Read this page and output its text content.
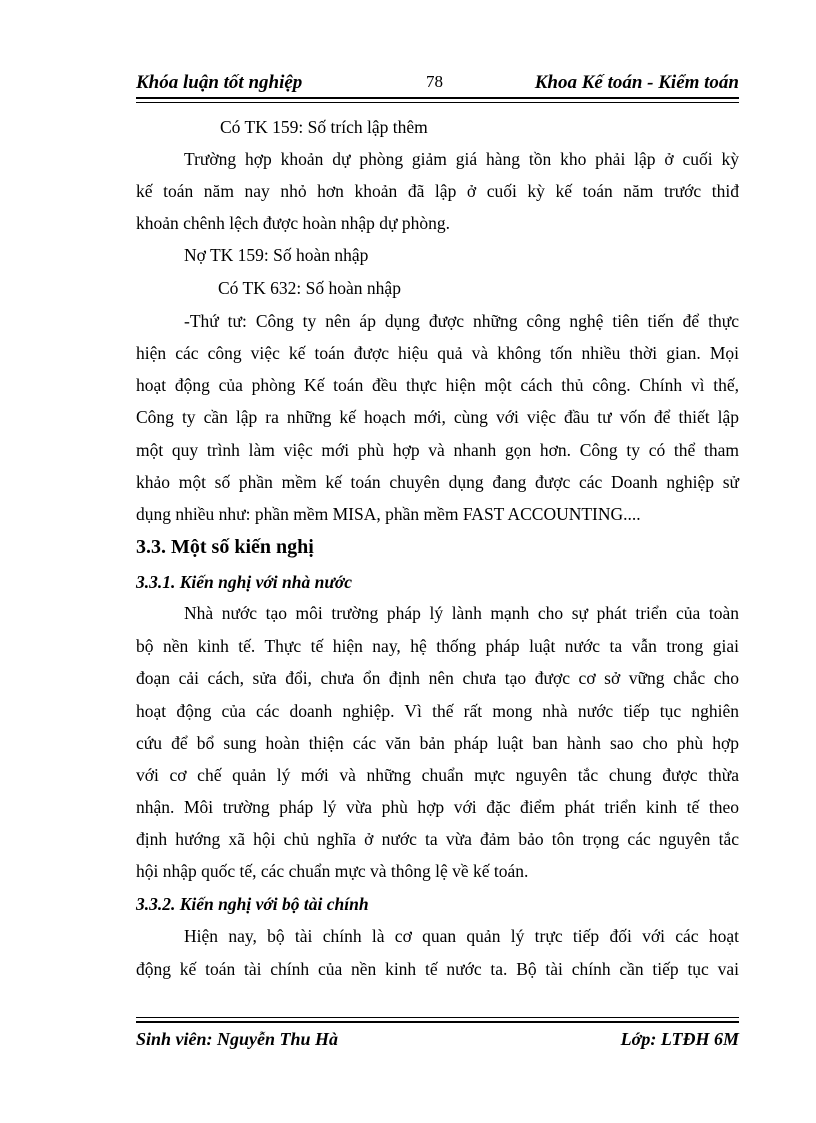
Khóa luận tốt nghiệp	78	Khoa Kế toán - Kiểm toán
Có TK 159: Số trích lập thêm
Trường hợp khoản dự phòng giảm giá hàng tồn kho phải lập ở cuối kỳ
kế toán năm nay nhỏ hơn khoản đã lập ở cuối kỳ kế toán năm trước thiđ
khoản chênh lệch được hoàn nhập dự phòng.
Nợ TK 159: Số hoàn nhập
Có TK 632: Số hoàn nhập
-Thứ tư: Công ty nên áp dụng được những công nghệ tiên tiến để thực
hiện các công việc kế toán được hiệu quả và không tốn nhiều thời gian. Mọi
hoạt động của phòng Kế toán đều thực hiện một cách thủ công. Chính vì thế,
Công ty cần lập ra những kế hoạch mới, cùng với việc đầu tư vốn để thiết lập
một quy trình làm việc mới phù hợp và nhanh gọn hơn. Công ty có thể tham
khảo một số phần mềm kế toán chuyên dụng đang được các Doanh nghiệp sử
dụng nhiều như: phần mềm MISA, phần mềm FAST ACCOUNTING....
3.3. Một số kiến nghị
3.3.1. Kiến nghị với nhà nước
Nhà nước tạo môi trường pháp lý lành mạnh cho sự phát triển của toàn
bộ nền kinh tế. Thực tế hiện nay, hệ thống pháp luật nước ta vẫn trong giai
đoạn cải cách, sửa đổi, chưa ổn định nên chưa tạo được cơ sở vững chắc cho
hoạt động của các doanh nghiệp. Vì thế rất mong nhà nước tiếp tục nghiên
cứu để bổ sung hoàn thiện các văn bản pháp luật ban hành sao cho phù hợp
với cơ chế quản lý mới và những chuẩn mực nguyên tắc chung được thừa
nhận. Môi trường pháp lý vừa phù hợp với đặc điểm phát triển kinh tế theo
định hướng xã hội chủ nghĩa ở nước ta vừa đảm bảo tôn trọng các nguyên tắc
hội nhập quốc tế, các chuẩn mực và thông lệ về kế toán.
3.3.2. Kiến nghị với bộ tài chính
Hiện nay, bộ tài chính là cơ quan quản lý trực tiếp đối với các hoạt
động kế toán tài chính của nền kinh tế nước ta. Bộ tài chính cần tiếp tục vai
Sinh viên: Nguyễn Thu Hà	Lớp: LTĐH 6M
